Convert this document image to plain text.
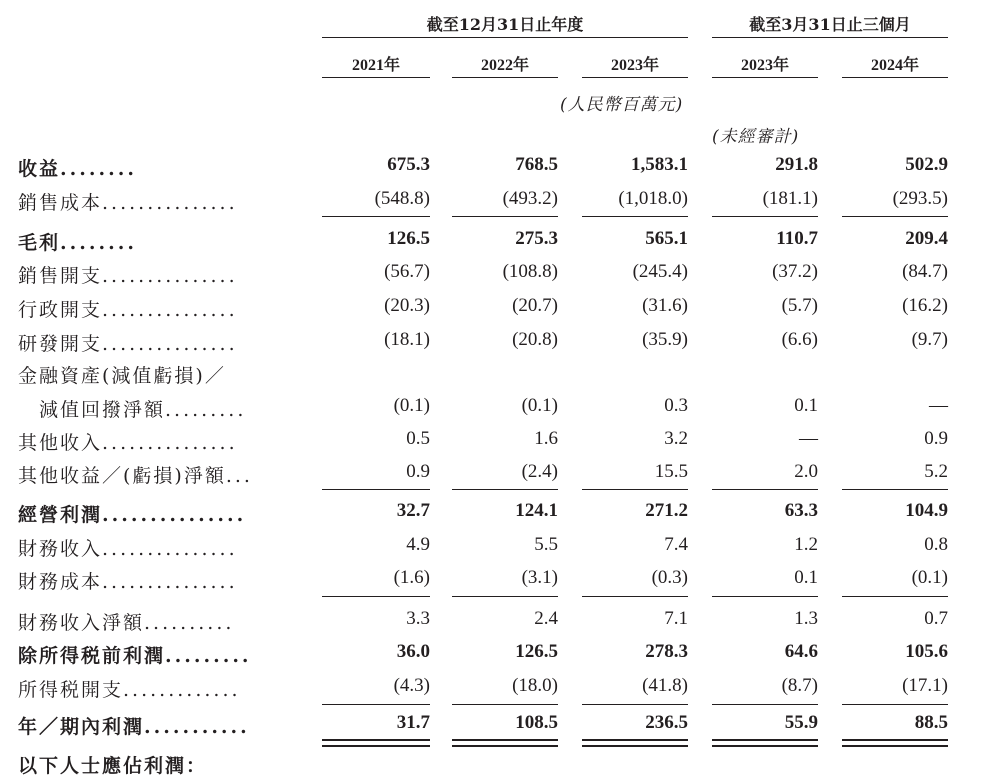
截至12月31日止年度	截至3月31日止三個月
2021年	2022年	2023年	2023年	2024年
(人民幣百萬元)
(未經審計)
收益........	675.3	768.5	1,583.1	291.8	502.9
銷售成本...............	(548.8)	(493.2)	(1,018.0)	(181.1)	(293.5)
毛利........	126.5	275.3	565.1	110.7	209.4
銷售開支...............	(56.7)	(108.8)	(245.4)	(37.2)	(84.7)
行政開支...............	(20.3)	(20.7)	(31.6)	(5.7)	(16.2)
研發開支...............	(18.1)	(20.8)	(35.9)	(6.6)	(9.7)
金融資產(減值虧損)／
　減值回撥淨額.........	(0.1)	(0.1)	0.3	0.1	—
其他收入...............	0.5	1.6	3.2	—	0.9
其他收益／(虧損)淨額...	0.9	(2.4)	15.5	2.0	5.2
經營利潤...............	32.7	124.1	271.2	63.3	104.9
財務收入...............	4.9	5.5	7.4	1.2	0.8
財務成本...............	(1.6)	(3.1)	(0.3)	0.1	(0.1)
財務收入淨額..........	3.3	2.4	7.1	1.3	0.7
除所得税前利潤.........	36.0	126.5	278.3	64.6	105.6
所得税開支.............	(4.3)	(18.0)	(41.8)	(8.7)	(17.1)
年／期內利潤...........	31.7	108.5	236.5	55.9	88.5
以下人士應佔利潤：
